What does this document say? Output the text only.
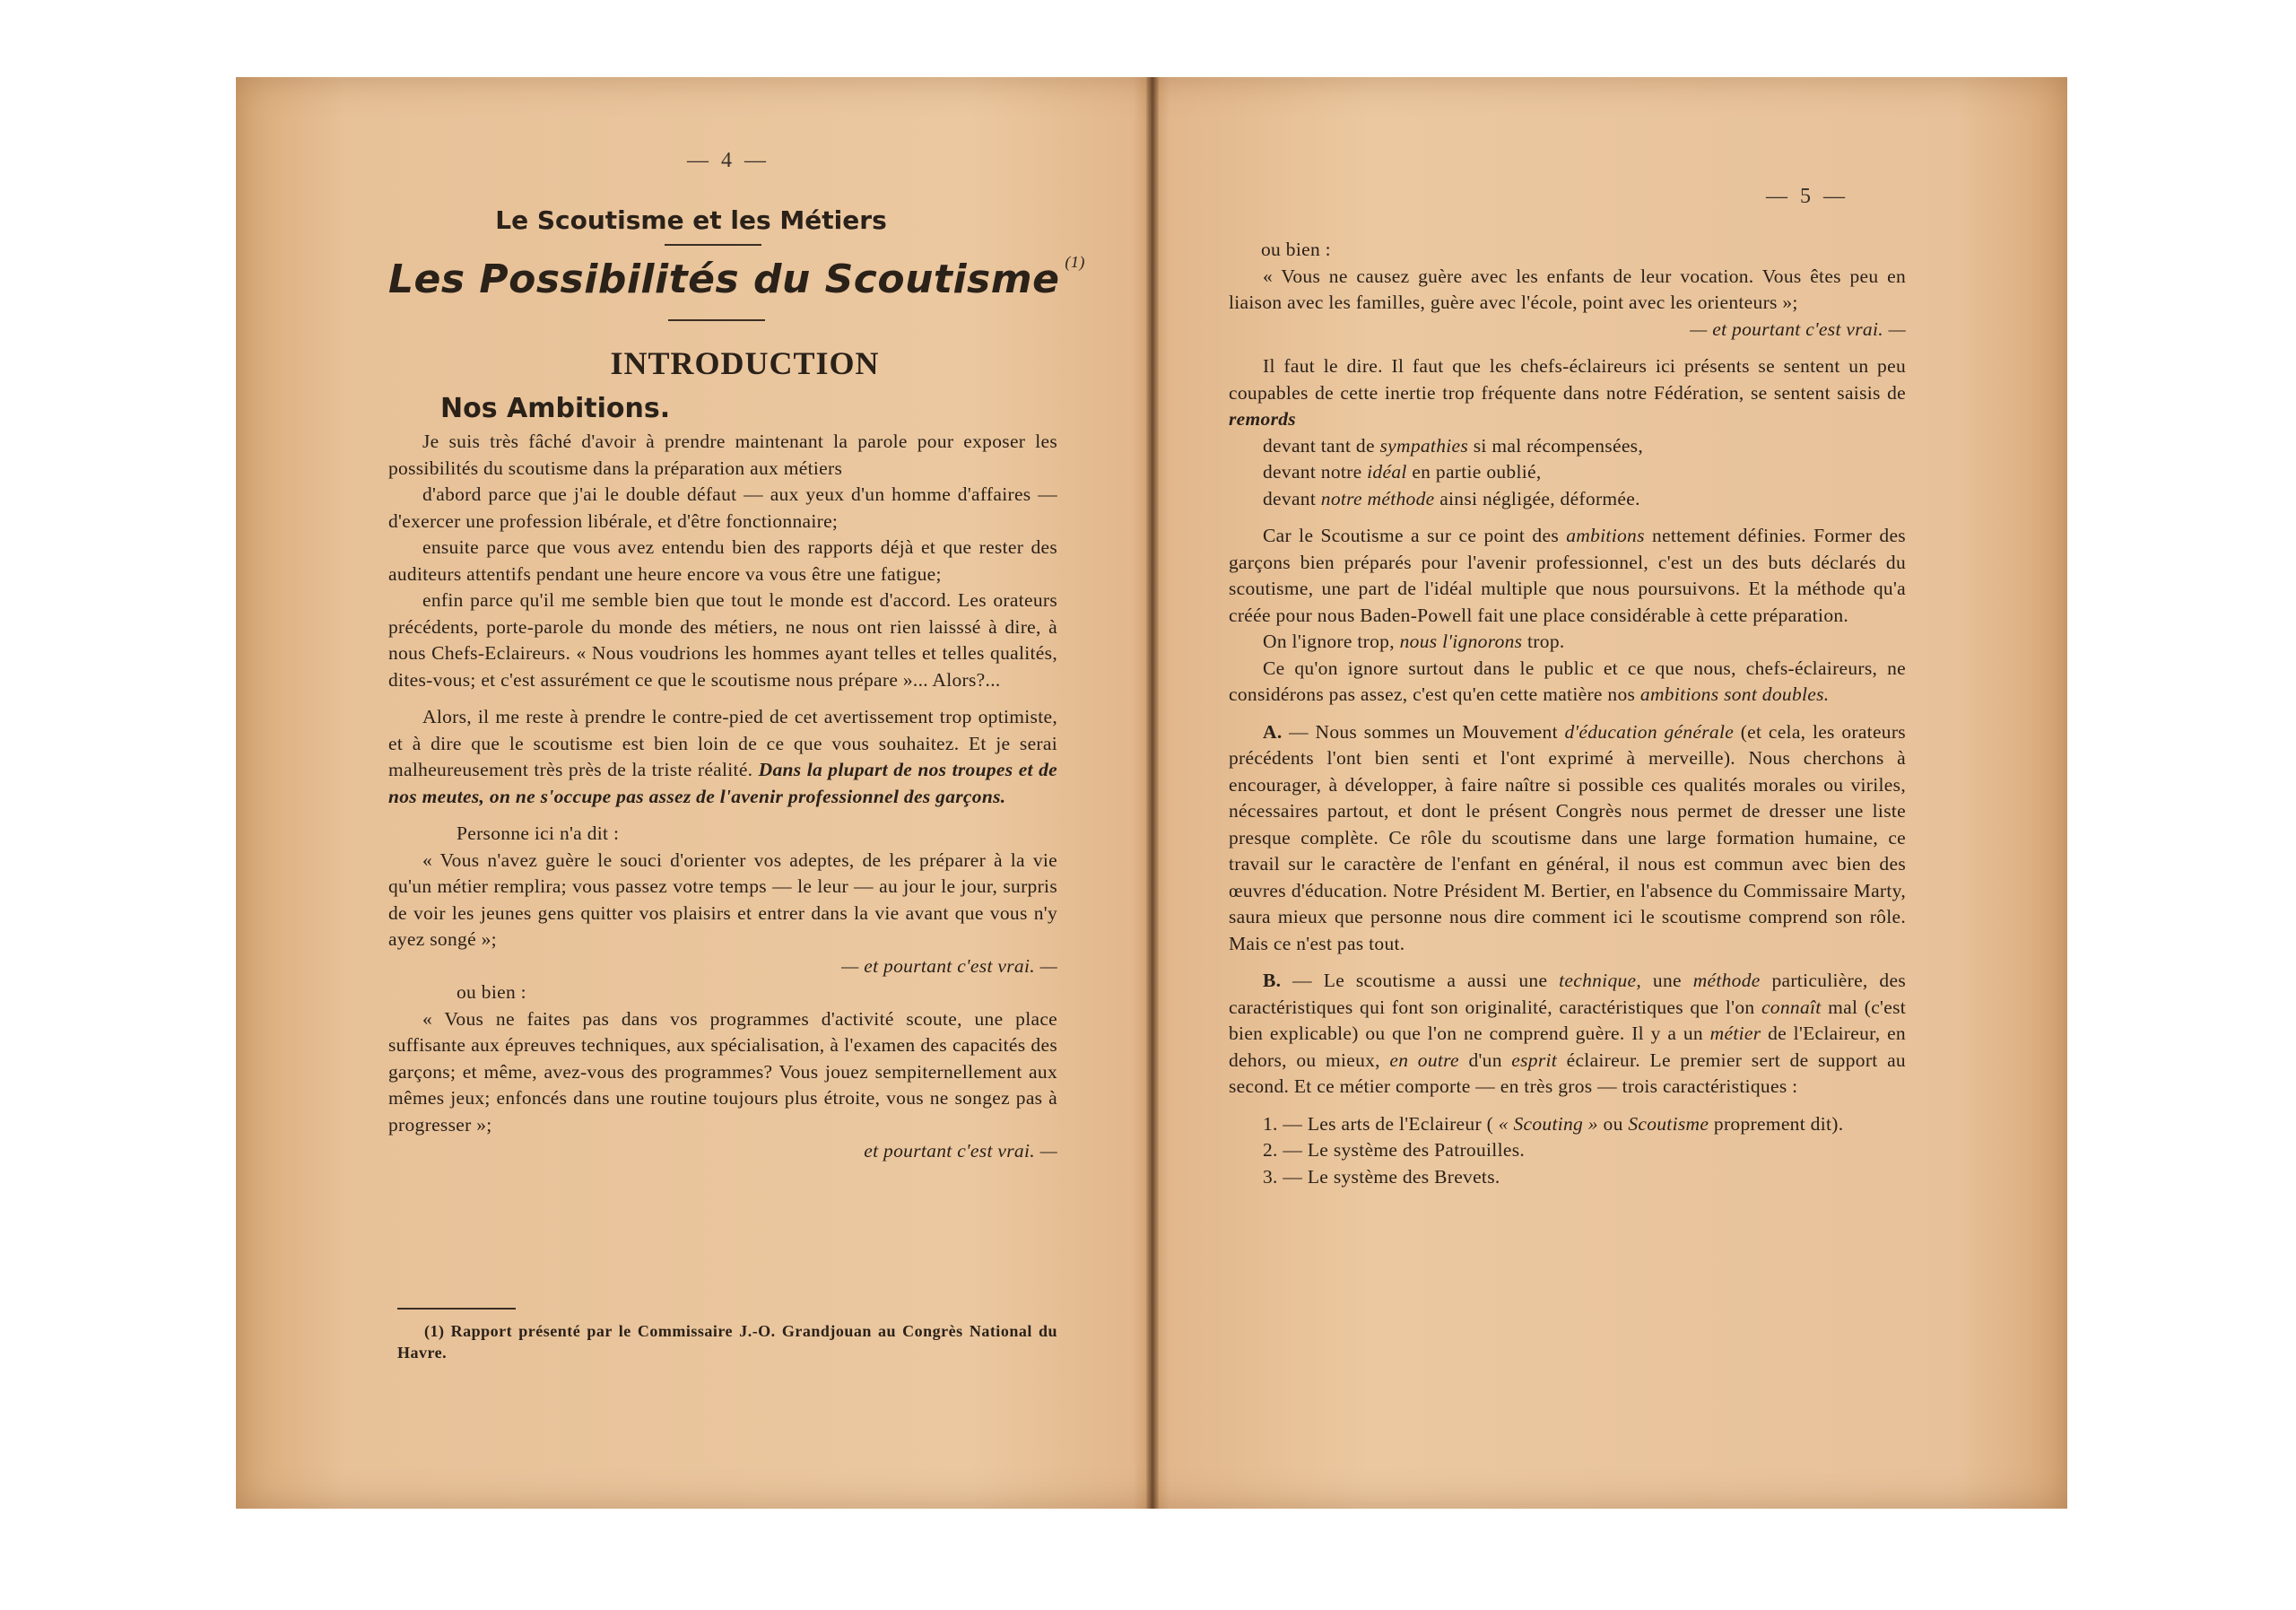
— 4 —
Le Scoutisme et les Métiers
Les Possibilités du Scoutisme $^{(1)}$
INTRODUCTION
Nos Ambitions.

Je suis très fâché d'avoir à prendre maintenant la parole pour exposer les possibilités du scoutisme dans la préparation aux métiers

d'abord parce que j'ai le double défaut — aux yeux d'un homme d'affaires — d'exercer une profession libérale, et d'être fonctionnaire;

ensuite parce que vous avez entendu bien des rapports déjà et que rester des auditeurs attentifs pendant une heure encore va vous être une fatigue;

enfin parce qu'il me semble bien que tout le monde est d'accord. Les orateurs précédents, porte-parole du monde des métiers, ne nous ont rien laisssé à dire, à nous Chefs-Eclaireurs. « Nous voudrions les hommes ayant telles et telles qualités, dites-vous; et c'est assurément ce que le scoutisme nous prépare »... Alors?...

Alors, il me reste à prendre le contre-pied de cet avertissement trop optimiste, et à dire que le scoutisme est bien loin de ce que vous souhaitez. Et je serai malheureusement très près de la triste réalité. Dans la plupart de nos troupes et de nos meutes, on ne s'occupe pas assez de l'avenir professionnel des garçons.

Personne ici n'a dit :

« Vous n'avez guère le souci d'orienter vos adeptes, de les préparer à la vie qu'un métier remplira; vous passez votre temps — le leur — au jour le jour, surpris de voir les jeunes gens quitter vos plaisirs et entrer dans la vie avant que vous n'y ayez songé »;

— et pourtant c'est vrai. —

ou bien :

« Vous ne faites pas dans vos programmes d'activité scoute, une place suffisante aux épreuves techniques, aux spécialisation, à l'examen des capacités des garçons; et même, avez-vous des programmes? Vous jouez sempiternellement aux mêmes jeux; enfoncés dans une routine toujours plus étroite, vous ne songez pas à progresser »;

et pourtant c'est vrai. —

(1) Rapport présenté par le Commissaire J.-O. Grandjouan au Congrès National du Havre.
— 5 —

ou bien :

« Vous ne causez guère avec les enfants de leur vocation. Vous êtes peu en liaison avec les familles, guère avec l'école, point avec les orienteurs »;

— et pourtant c'est vrai. —

Il faut le dire. Il faut que les chefs-éclaireurs ici présents se sentent un peu coupables de cette inertie trop fréquente dans notre Fédération, se sentent saisis de remords

devant tant de sympathies si mal récompensées,

devant notre idéal en partie oublié,

devant notre méthode ainsi négligée, déformée.

Car le Scoutisme a sur ce point des ambitions nettement définies. Former des garçons bien préparés pour l'avenir professionnel, c'est un des buts déclarés du scoutisme, une part de l'idéal multiple que nous poursuivons. Et la méthode qu'a créée pour nous Baden-Powell fait une place considérable à cette préparation.

On l'ignore trop, nous l'ignorons trop.

Ce qu'on ignore surtout dans le public et ce que nous, chefs-éclaireurs, ne considérons pas assez, c'est qu'en cette matière nos ambitions sont doubles.

A. — Nous sommes un Mouvement d'éducation générale (et cela, les orateurs précédents l'ont bien senti et l'ont exprimé à merveille). Nous cherchons à encourager, à développer, à faire naître si possible ces qualités morales ou viriles, nécessaires partout, et dont le présent Congrès nous permet de dresser une liste presque complète. Ce rôle du scoutisme dans une large formation humaine, ce travail sur le caractère de l'enfant en général, il nous est commun avec bien des œuvres d'éducation. Notre Président M. Bertier, en l'absence du Commissaire Marty, saura mieux que personne nous dire comment ici le scoutisme comprend son rôle. Mais ce n'est pas tout.

B. — Le scoutisme a aussi une technique, une méthode particulière, des caractéristiques qui font son originalité, caractéristiques que l'on connaît mal (c'est bien explicable) ou que l'on ne comprend guère. Il y a un métier de l'Eclaireur, en dehors, ou mieux, en outre d'un esprit éclaireur. Le premier sert de support au second. Et ce métier comporte — en très gros — trois caractéristiques :

1. — Les arts de l'Eclaireur ( « Scouting » ou Scoutisme proprement dit).

2. — Le système des Patrouilles.

3. — Le système des Brevets.
